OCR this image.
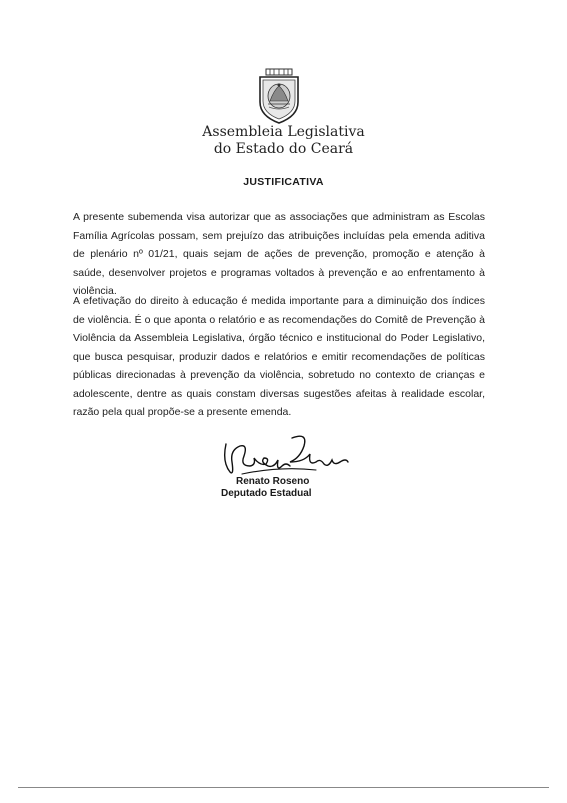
Assembleia Legislativa
do Estado do Ceará
JUSTIFICATIVA

A presente subemenda visa autorizar que as associações que administram as Escolas Família Agrícolas possam, sem prejuízo das atribuições incluídas pela emenda aditiva de plenário nº 01/21, quais sejam de ações de prevenção, promoção e atenção à saúde, desenvolver projetos e programas voltados à prevenção e ao enfrentamento à violência.

A efetivação do direito à educação é medida importante para a diminuição dos índices de violência. É o que aponta o relatório e as recomendações do Comitê de Prevenção à Violência da Assembleia Legislativa, órgão técnico e institucional do Poder Legislativo, que busca pesquisar, produzir dados e relatórios e emitir recomendações de políticas públicas direcionadas à prevenção da violência, sobretudo no contexto de crianças e adolescente, dentre as quais constam diversas sugestões afeitas à realidade escolar, razão pela qual propõe-se a presente emenda.

Renato Roseno
Deputado Estadual
